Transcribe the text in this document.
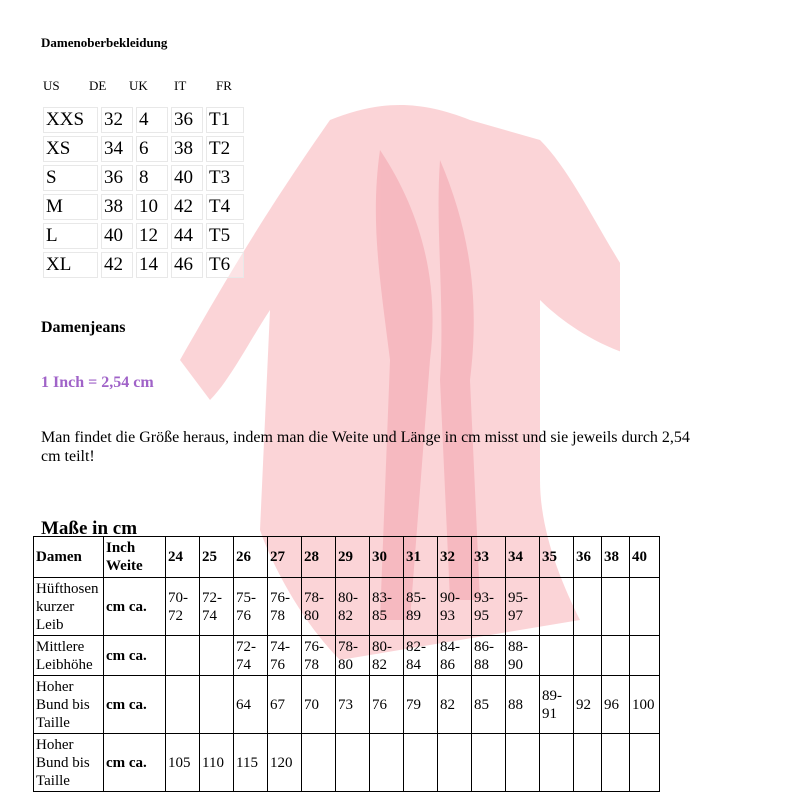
Damenoberbekleidung
US	DE	UK	IT	FR
XXS	32	4	36	T1
XS	34	6	38	T2
S	36	8	40	T3
M	38	10	42	T4
L	40	12	44	T5
XL	42	14	46	T6
Damenjeans
1 Inch = 2,54 cm
Man findet die Größe heraus, indem man die Weite und Länge in cm misst und sie jeweils durch 2,54 cm teilt!
Maße in cm
Damen	Inch Weite	24	25	26	27	28	29	30	31	32	33	34	35	36	38	40
Hüfthosen kurzer Leib	cm ca.	70-72	72-74	75-76	76-78	78-80	80-82	83-85	85-89	90-93	93-95	95-97				
Mittlere Leibhöhe	cm ca.			72-74	74-76	76-78	78-80	80-82	82-84	84-86	86-88	88-90				
Hoher Bund bis Taille	cm ca.			64	67	70	73	76	79	82	85	88	89-91	92	96	100
Hoher Bund bis Taille	cm ca.	105	110	115	120											
